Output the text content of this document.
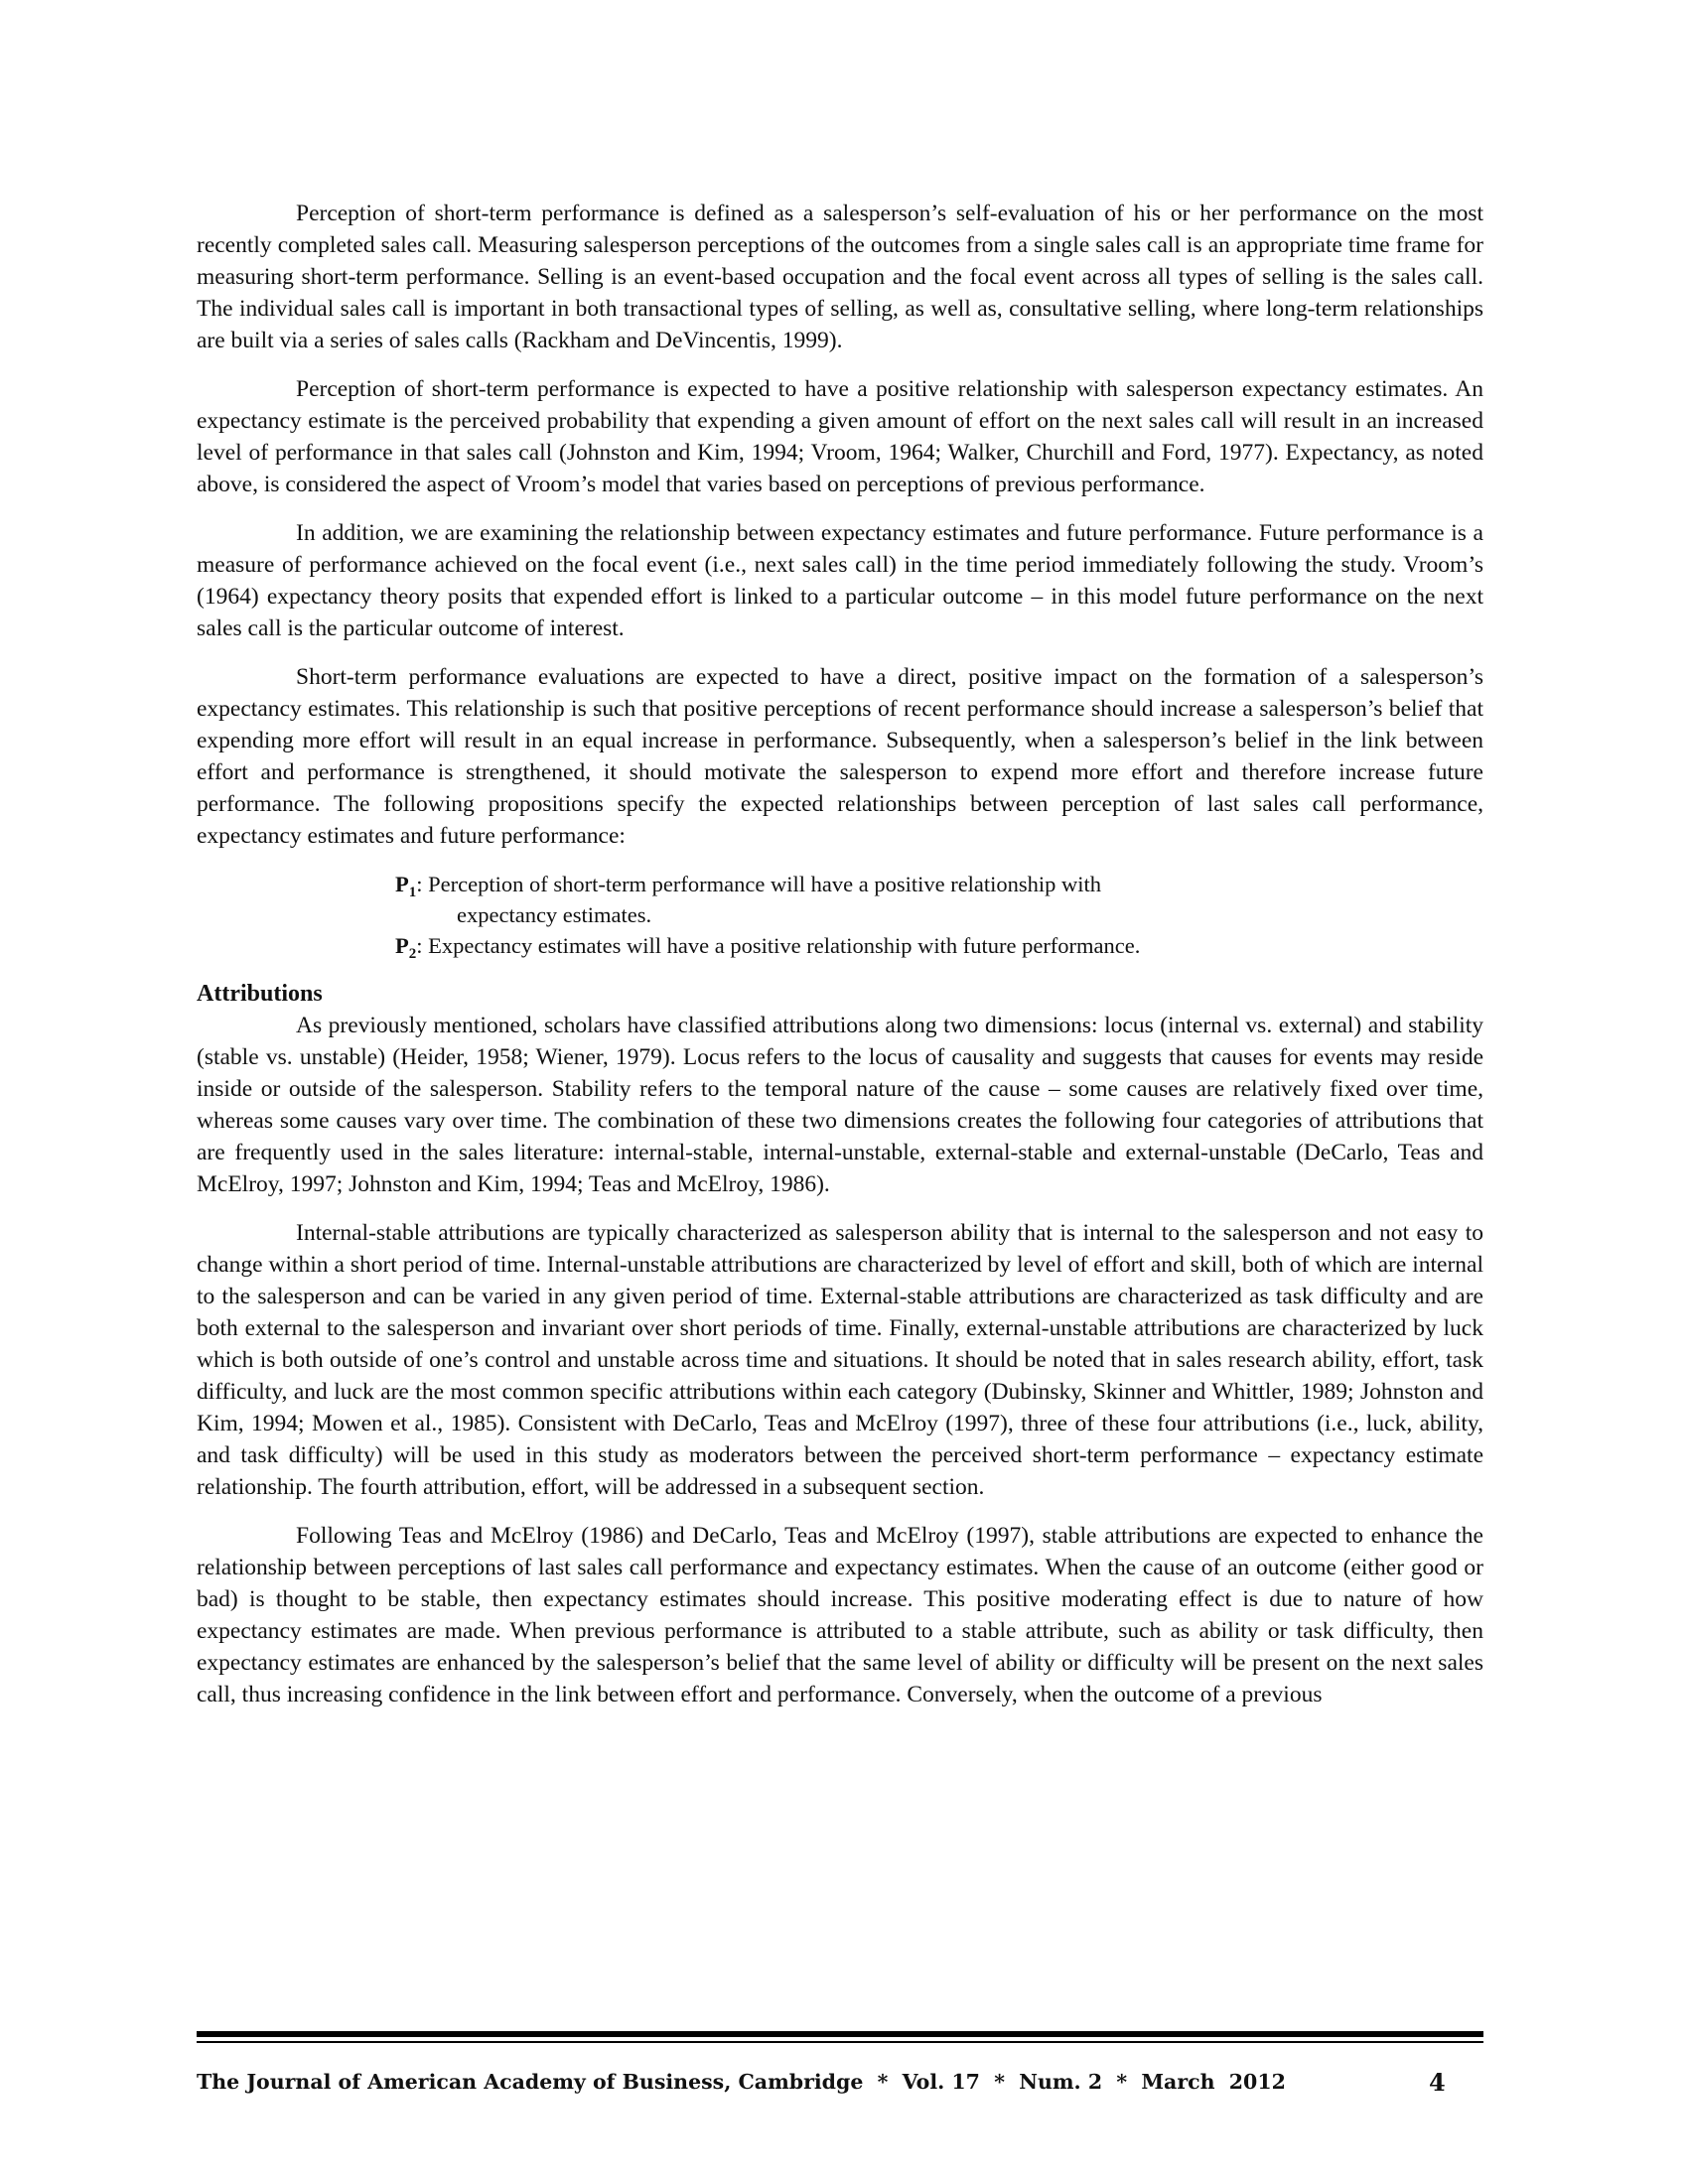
Perception of short-term performance is defined as a salesperson’s self-evaluation of his or her performance on the most recently completed sales call. Measuring salesperson perceptions of the outcomes from a single sales call is an appropriate time frame for measuring short-term performance. Selling is an event-based occupation and the focal event across all types of selling is the sales call. The individual sales call is important in both transactional types of selling, as well as, consultative selling, where long-term relationships are built via a series of sales calls (Rackham and DeVincentis, 1999).

Perception of short-term performance is expected to have a positive relationship with salesperson expectancy estimates. An expectancy estimate is the perceived probability that expending a given amount of effort on the next sales call will result in an increased level of performance in that sales call (Johnston and Kim, 1994; Vroom, 1964; Walker, Churchill and Ford, 1977). Expectancy, as noted above, is considered the aspect of Vroom’s model that varies based on perceptions of previous performance.

In addition, we are examining the relationship between expectancy estimates and future performance. Future performance is a measure of performance achieved on the focal event (i.e., next sales call) in the time period immediately following the study. Vroom’s (1964) expectancy theory posits that expended effort is linked to a particular outcome – in this model future performance on the next sales call is the particular outcome of interest.

Short-term performance evaluations are expected to have a direct, positive impact on the formation of a salesperson’s expectancy estimates. This relationship is such that positive perceptions of recent performance should increase a salesperson’s belief that expending more effort will result in an equal increase in performance. Subsequently, when a salesperson’s belief in the link between effort and performance is strengthened, it should motivate the salesperson to expend more effort and therefore increase future performance. The following propositions specify the expected relationships between perception of last sales call performance, expectancy estimates and future performance:

$P_1$: Perception of short-term performance will have a positive relationship with

expectancy estimates.

$P_2$: Expectancy estimates will have a positive relationship with future performance.

Attributions

As previously mentioned, scholars have classified attributions along two dimensions: locus (internal vs. external) and stability (stable vs. unstable) (Heider, 1958; Wiener, 1979). Locus refers to the locus of causality and suggests that causes for events may reside inside or outside of the salesperson. Stability refers to the temporal nature of the cause – some causes are relatively fixed over time, whereas some causes vary over time. The combination of these two dimensions creates the following four categories of attributions that are frequently used in the sales literature: internal-stable, internal-unstable, external-stable and external-unstable (DeCarlo, Teas and McElroy, 1997; Johnston and Kim, 1994; Teas and McElroy, 1986).

Internal-stable attributions are typically characterized as salesperson ability that is internal to the salesperson and not easy to change within a short period of time. Internal-unstable attributions are characterized by level of effort and skill, both of which are internal to the salesperson and can be varied in any given period of time. External-stable attributions are characterized as task difficulty and are both external to the salesperson and invariant over short periods of time. Finally, external-unstable attributions are characterized by luck which is both outside of one’s control and unstable across time and situations. It should be noted that in sales research ability, effort, task difficulty, and luck are the most common specific attributions within each category (Dubinsky, Skinner and Whittler, 1989; Johnston and Kim, 1994; Mowen et al., 1985). Consistent with DeCarlo, Teas and McElroy (1997), three of these four attributions (i.e., luck, ability, and task difficulty) will be used in this study as moderators between the perceived short-term performance – expectancy estimate relationship. The fourth attribution, effort, will be addressed in a subsequent section.

Following Teas and McElroy (1986) and DeCarlo, Teas and McElroy (1997), stable attributions are expected to enhance the relationship between perceptions of last sales call performance and expectancy estimates. When the cause of an outcome (either good or bad) is thought to be stable, then expectancy estimates should increase. This positive moderating effect is due to nature of how expectancy estimates are made. When previous performance is attributed to a stable attribute, such as ability or task difficulty, then expectancy estimates are enhanced by the salesperson’s belief that the same level of ability or difficulty will be present on the next sales call, thus increasing confidence in the link between effort and performance. Conversely, when the outcome of a previous

The Journal of American Academy of Business, Cambridge  *  Vol. 17  *  Num. 2  *  March  2012	4
